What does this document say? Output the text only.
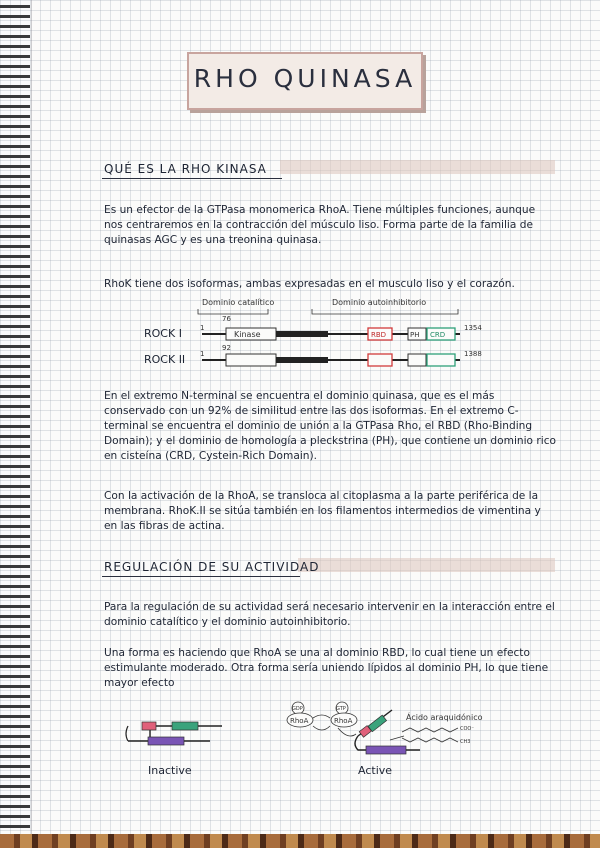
RHO QUINASA
QUÉ ES LA RHO KINASA

Es un efector de la GTPasa monomerica RhoA. Tiene múltiples funciones, aunque nos centraremos en la contracción del músculo liso. Forma parte de la familia de quinasas AGC y es una treonina quinasa.

RhoK tiene dos isoformas, ambas expresadas en el musculo liso y el corazón.

Dominio catalítico	Dominio autoinhibitorio
ROCK I
76
1
Kinase	RBD	PH CRD
1354
ROCK II
92
1	1388

En el extremo N-terminal se encuentra el dominio quinasa, que es el más conservado con un 92% de similitud entre las dos isoformas. En el extremo C-terminal se encuentra el dominio de unión a la GTPasa Rho, el RBD (Rho-Binding Domain); y el dominio de homología a pleckstrina (PH), que contiene un dominio rico en cisteína (CRD, Cystein-Rich Domain).

Con la activación de la RhoA, se transloca al citoplasma a la parte periférica de la membrana. RhoK.II se sitúa también en los filamentos intermedios de vimentina y en las fibras de actina.

REGULACIÓN DE SU ACTIVIDAD

Para la regulación de su actividad será necesario intervenir en la interacción entre el dominio catalítico y el dominio autoinhibitorio.

Una forma es haciendo que RhoA se una al dominio RBD, lo cual tiene un efecto estimulante moderado. Otra forma sería uniendo lípidos al dominio PH, lo que tiene mayor efecto

Inactive
GDP
RhoA
GTP
RhoA
Active
Ácido araquidónico
COO⁻
CH3
